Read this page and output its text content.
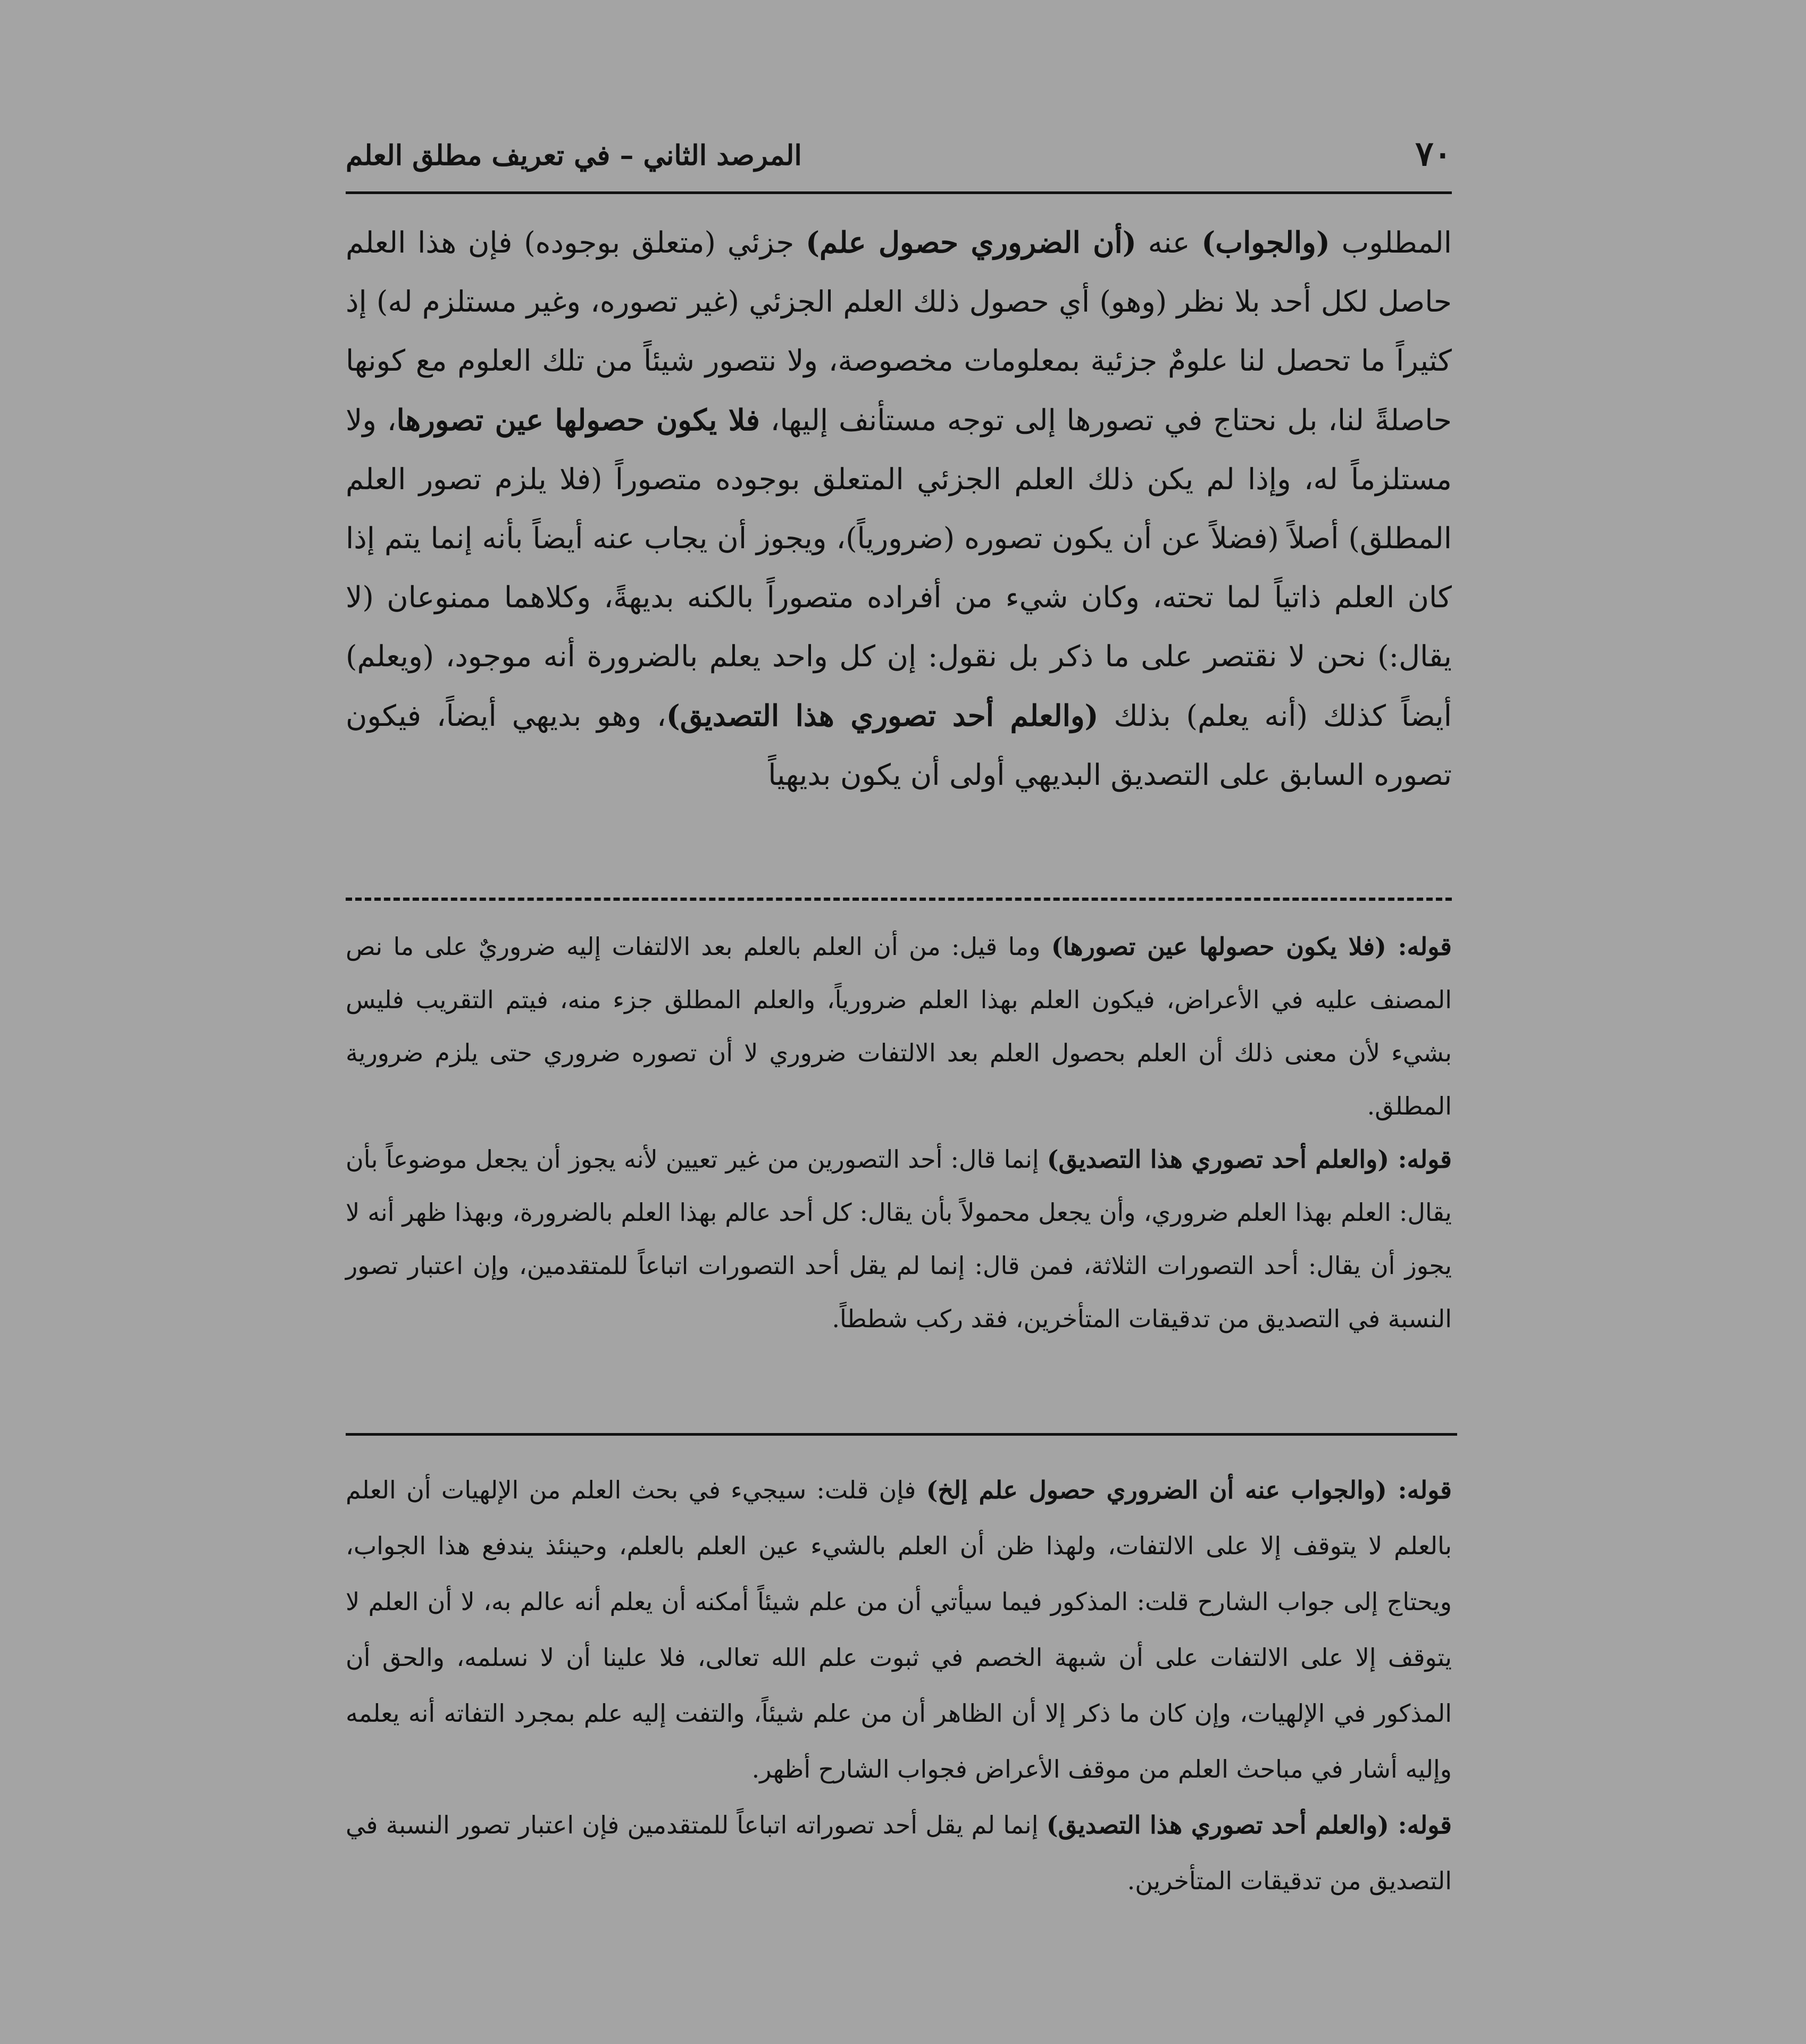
٧٠
المرصد الثاني – في تعريف مطلق العلم
المطلوب (والجواب) عنه (أن الضروري حصول علم) جزئي (متعلق بوجوده) فإن هذا العلم حاصل لكل أحد بلا نظر (وهو) أي حصول ذلك العلم الجزئي (غير تصوره، وغير مستلزم له) إذ كثيراً ما تحصل لنا علومٌ جزئية بمعلومات مخصوصة، ولا نتصور شيئاً من تلك العلوم مع كونها حاصلةً لنا، بل نحتاج في تصورها إلى توجه مستأنف إليها، فلا يكون حصولها عين تصورها، ولا مستلزماً له، وإذا لم يكن ذلك العلم الجزئي المتعلق بوجوده متصوراً (فلا يلزم تصور العلم المطلق) أصلاً (فضلاً عن أن يكون تصوره (ضرورياً)، ويجوز أن يجاب عنه أيضاً بأنه إنما يتم إذا كان العلم ذاتياً لما تحته، وكان شيء من أفراده متصوراً بالكنه بديهةً، وكلاهما ممنوعان (لا يقال:) نحن لا نقتصر على ما ذكر بل نقول: إن كل واحد يعلم بالضرورة أنه موجود، (ويعلم) أيضاً كذلك (أنه يعلم) بذلك (والعلم أحد تصوري هذا التصديق)، وهو بديهي أيضاً، فيكون تصوره السابق على التصديق البديهي أولى أن يكون بديهياً

قوله: (فلا يكون حصولها عين تصورها) وما قيل: من أن العلم بالعلم بعد الالتفات إليه ضروريٌ على ما نص المصنف عليه في الأعراض، فيكون العلم بهذا العلم ضرورياً، والعلم المطلق جزء منه، فيتم التقريب فليس بشيء لأن معنى ذلك أن العلم بحصول العلم بعد الالتفات ضروري لا أن تصوره ضروري حتى يلزم ضرورية المطلق.

قوله: (والعلم أحد تصوري هذا التصديق) إنما قال: أحد التصورين من غير تعيين لأنه يجوز أن يجعل موضوعاً بأن يقال: العلم بهذا العلم ضروري، وأن يجعل محمولاً بأن يقال: كل أحد عالم بهذا العلم بالضرورة، وبهذا ظهر أنه لا يجوز أن يقال: أحد التصورات الثلاثة، فمن قال: إنما لم يقل أحد التصورات اتباعاً للمتقدمين، وإن اعتبار تصور النسبة في التصديق من تدقيقات المتأخرين، فقد ركب شططاً.

قوله: (والجواب عنه أن الضروري حصول علم إلخ) فإن قلت: سيجيء في بحث العلم من الإلهيات أن العلم بالعلم لا يتوقف إلا على الالتفات، ولهذا ظن أن العلم بالشيء عين العلم بالعلم، وحينئذ يندفع هذا الجواب، ويحتاج إلى جواب الشارح قلت: المذكور فيما سيأتي أن من علم شيئاً أمكنه أن يعلم أنه عالم به، لا أن العلم لا يتوقف إلا على الالتفات على أن شبهة الخصم في ثبوت علم الله تعالى، فلا علينا أن لا نسلمه، والحق أن المذكور في الإلهيات، وإن كان ما ذكر إلا أن الظاهر أن من علم شيئاً، والتفت إليه علم بمجرد التفاته أنه يعلمه وإليه أشار في مباحث العلم من موقف الأعراض فجواب الشارح أظهر.

قوله: (والعلم أحد تصوري هذا التصديق) إنما لم يقل أحد تصوراته اتباعاً للمتقدمين فإن اعتبار تصور النسبة في التصديق من تدقيقات المتأخرين.
